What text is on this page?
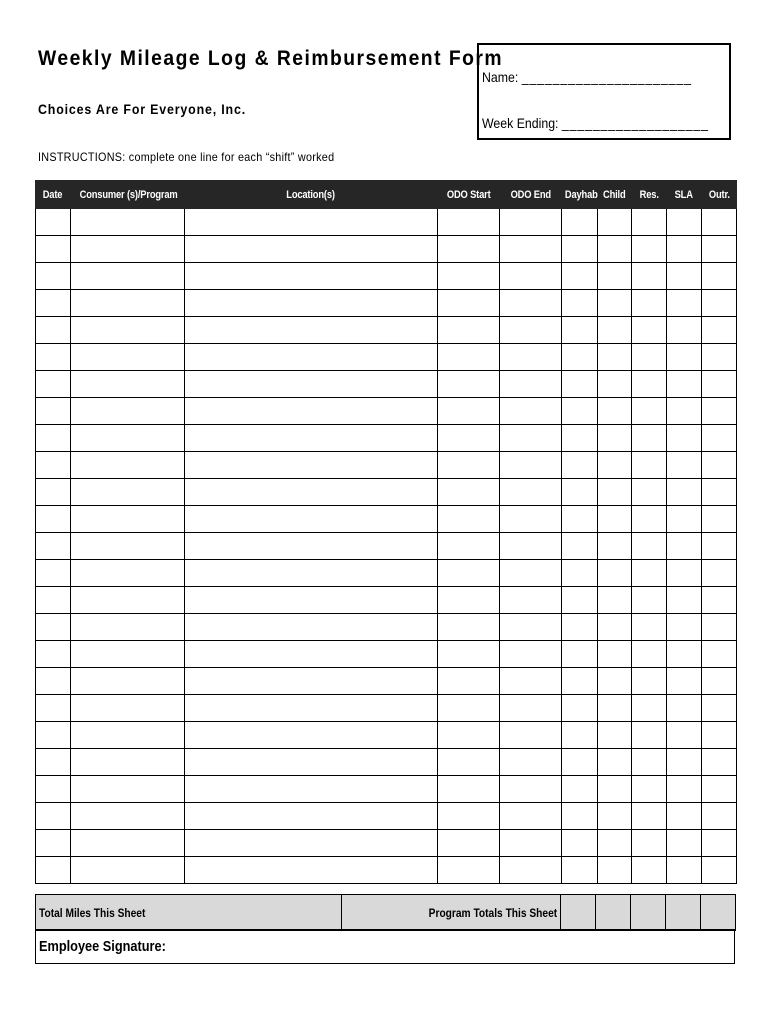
Weekly Mileage Log & Reimbursement Form
Choices Are For Everyone, Inc.
INSTRUCTIONS: complete one line for each “shift” worked
Name: ______________________
Week Ending: ___________________
Date	Consumer (s)/Program	Location(s)	ODO Start	ODO End	Dayhab	Child	Res.	SLA	Outr.

Total Miles This Sheet	Program Totals This Sheet					
Employee Signature:
